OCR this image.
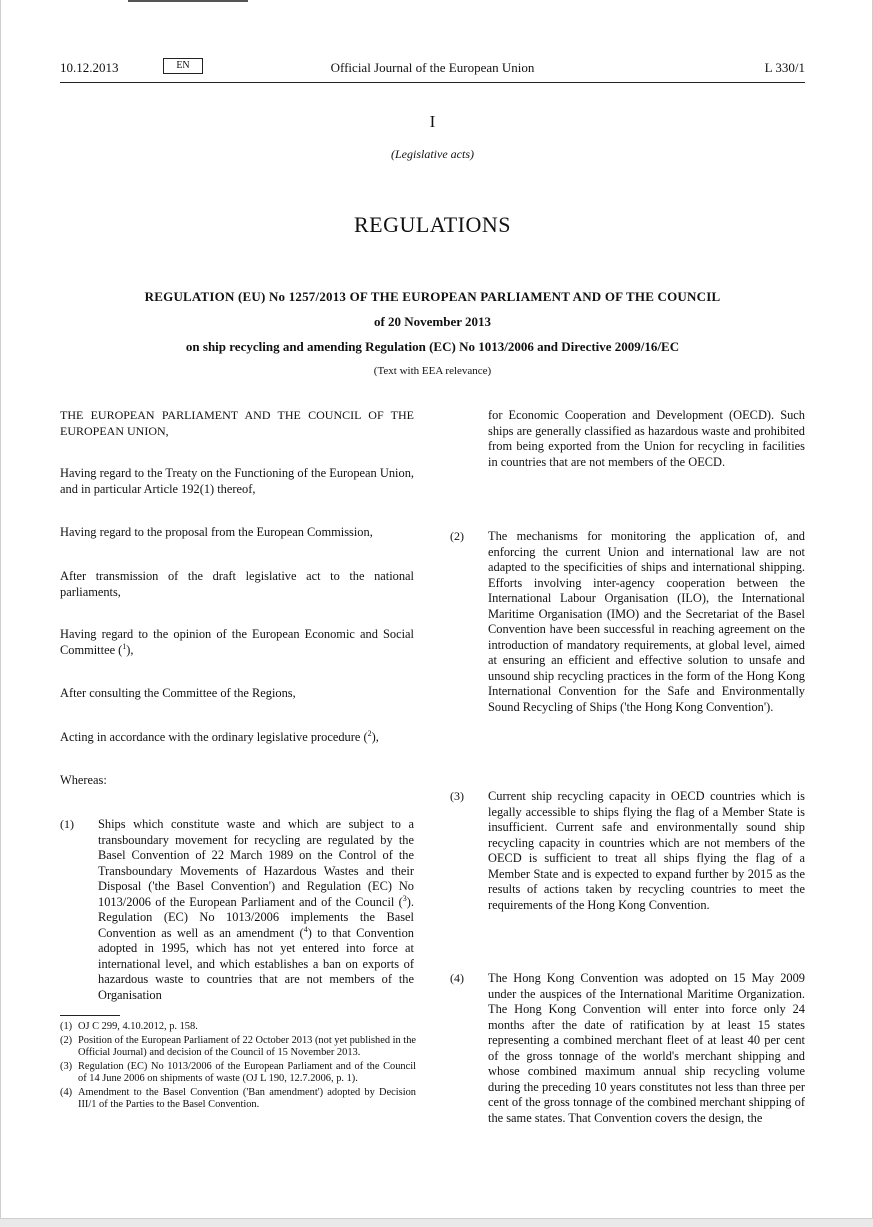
10.12.2013	EN	Official Journal of the European Union	L 330/1
I
(Legislative acts)
REGULATIONS
REGULATION (EU) No 1257/2013 OF THE EUROPEAN PARLIAMENT AND OF THE COUNCIL
of 20 November 2013
on ship recycling and amending Regulation (EC) No 1013/2006 and Directive 2009/16/EC
(Text with EEA relevance)
THE EUROPEAN PARLIAMENT AND THE COUNCIL OF THE EUROPEAN UNION,
Having regard to the Treaty on the Functioning of the European Union, and in particular Article 192(1) thereof,
Having regard to the proposal from the European Commission,
After transmission of the draft legislative act to the national parliaments,
Having regard to the opinion of the European Economic and Social Committee ($^1$),
After consulting the Committee of the Regions,
Acting in accordance with the ordinary legislative procedure ($^2$),
Whereas:
(1) Ships which constitute waste and which are subject to a transboundary movement for recycling are regulated by the Basel Convention of 22 March 1989 on the Control of the Transboundary Movements of Hazardous Wastes and their Disposal ('the Basel Convention') and Regulation (EC) No 1013/2006 of the European Parliament and of the Council ($^3$). Regulation (EC) No 1013/2006 implements the Basel Convention as well as an amendment ($^4$) to that Convention adopted in 1995, which has not yet entered into force at international level, and which establishes a ban on exports of hazardous waste to countries that are not members of the Organisation
(1) OJ C 299, 4.10.2012, p. 158.
(2) Position of the European Parliament of 22 October 2013 (not yet published in the Official Journal) and decision of the Council of 15 November 2013.
(3) Regulation (EC) No 1013/2006 of the European Parliament and of the Council of 14 June 2006 on shipments of waste (OJ L 190, 12.7.2006, p. 1).
(4) Amendment to the Basel Convention ('Ban amendment') adopted by Decision III/1 of the Parties to the Basel Convention.
for Economic Cooperation and Development (OECD). Such ships are generally classified as hazardous waste and prohibited from being exported from the Union for recycling in facilities in countries that are not members of the OECD.
(2) The mechanisms for monitoring the application of, and enforcing the current Union and international law are not adapted to the specificities of ships and international shipping. Efforts involving inter-agency cooperation between the International Labour Organisation (ILO), the International Maritime Organisation (IMO) and the Secretariat of the Basel Convention have been successful in reaching agreement on the introduction of mandatory requirements, at global level, aimed at ensuring an efficient and effective solution to unsafe and unsound ship recycling practices in the form of the Hong Kong International Convention for the Safe and Environmentally Sound Recycling of Ships ('the Hong Kong Convention').
(3) Current ship recycling capacity in OECD countries which is legally accessible to ships flying the flag of a Member State is insufficient. Current safe and environmentally sound ship recycling capacity in countries which are not members of the OECD is sufficient to treat all ships flying the flag of a Member State and is expected to expand further by 2015 as the results of actions taken by recycling countries to meet the requirements of the Hong Kong Convention.
(4) The Hong Kong Convention was adopted on 15 May 2009 under the auspices of the International Maritime Organization. The Hong Kong Convention will enter into force only 24 months after the date of ratification by at least 15 states representing a combined merchant fleet of at least 40 per cent of the gross tonnage of the world's merchant shipping and whose combined maximum annual ship recycling volume during the preceding 10 years constitutes not less than three per cent of the gross tonnage of the combined merchant shipping of the same states. That Convention covers the design, the
